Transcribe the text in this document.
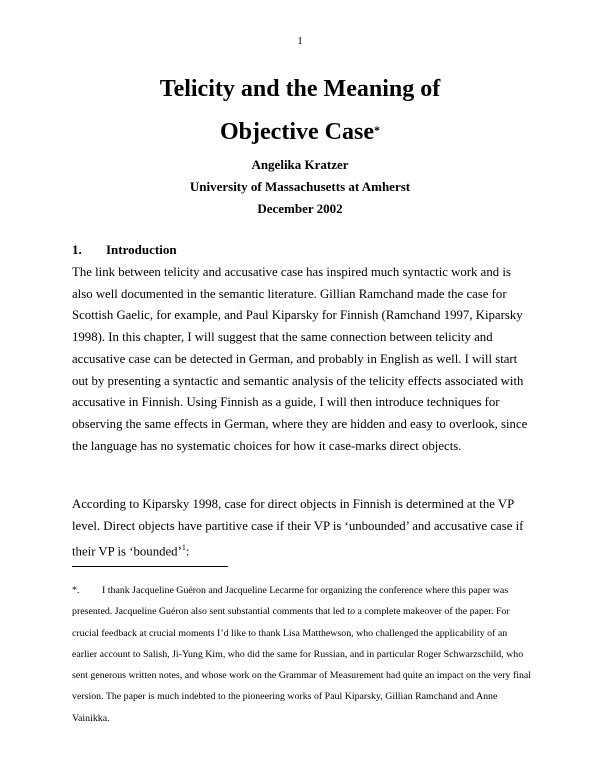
1
Telicity and the Meaning of
Objective Case*
Angelika Kratzer
University of Massachusetts at Amherst
December 2002
1. Introduction

The link between telicity and accusative case has inspired much syntactic work and is also well documented in the semantic literature. Gillian Ramchand made the case for Scottish Gaelic, for example, and Paul Kiparsky for Finnish (Ramchand 1997, Kiparsky 1998). In this chapter, I will suggest that the same connection between telicity and accusative case can be detected in German, and probably in English as well. I will start out by presenting a syntactic and semantic analysis of the telicity effects associated with accusative in Finnish. Using Finnish as a guide, I will then introduce techniques for observing the same effects in German, where they are hidden and easy to overlook, since the language has no systematic choices for how it case-marks direct objects.

According to Kiparsky 1998, case for direct objects in Finnish is determined at the VP level. Direct objects have partitive case if their VP is ‘unbounded’ and accusative case if their VP is ‘bounded’$^1$:

*. I thank Jacqueline Guéron and Jacqueline Lecarme for organizing the conference where this paper was presented. Jacqueline Guéron also sent substantial comments that led to a complete makeover of the paper. For crucial feedback at crucial moments I’d like to thank Lisa Matthewson, who challenged the applicability of an earlier account to Salish, Ji-Yung Kim, who did the same for Russian, and in particular Roger Schwarzschild, who sent generous written notes, and whose work on the Grammar of Measurement had quite an impact on the very final version. The paper is much indebted to the pioneering works of Paul Kiparsky, Gillian Ramchand and Anne Vainikka.
